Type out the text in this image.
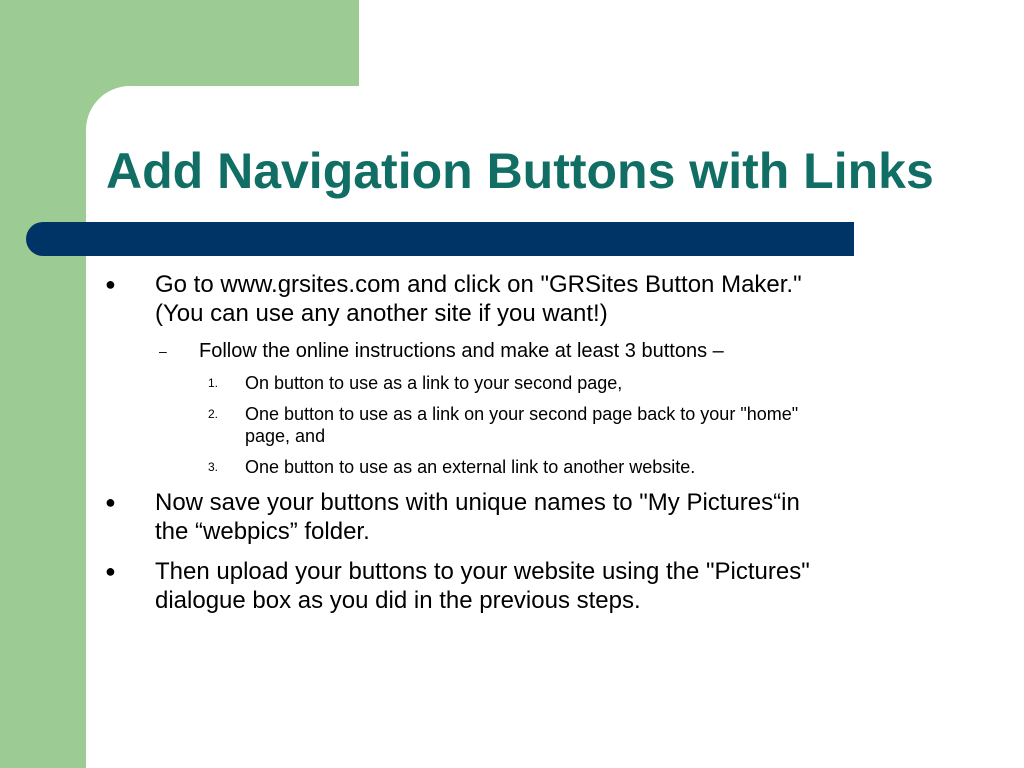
Add Navigation Buttons with Links
● Go to www.grsites.com and click on "GRSites Button Maker."
(You can use any another site if you want!)
– Follow the online instructions and make at least 3 buttons –
1. On button to use as a link to your second page,
2. One button to use as a link on your second page back to your "home"
page, and
3. One button to use as an external link to another website.
● Now save your buttons with unique names to "My Pictures“in
the “webpics” folder.
● Then upload your buttons to your website using the "Pictures"
dialogue box as you did in the previous steps.
